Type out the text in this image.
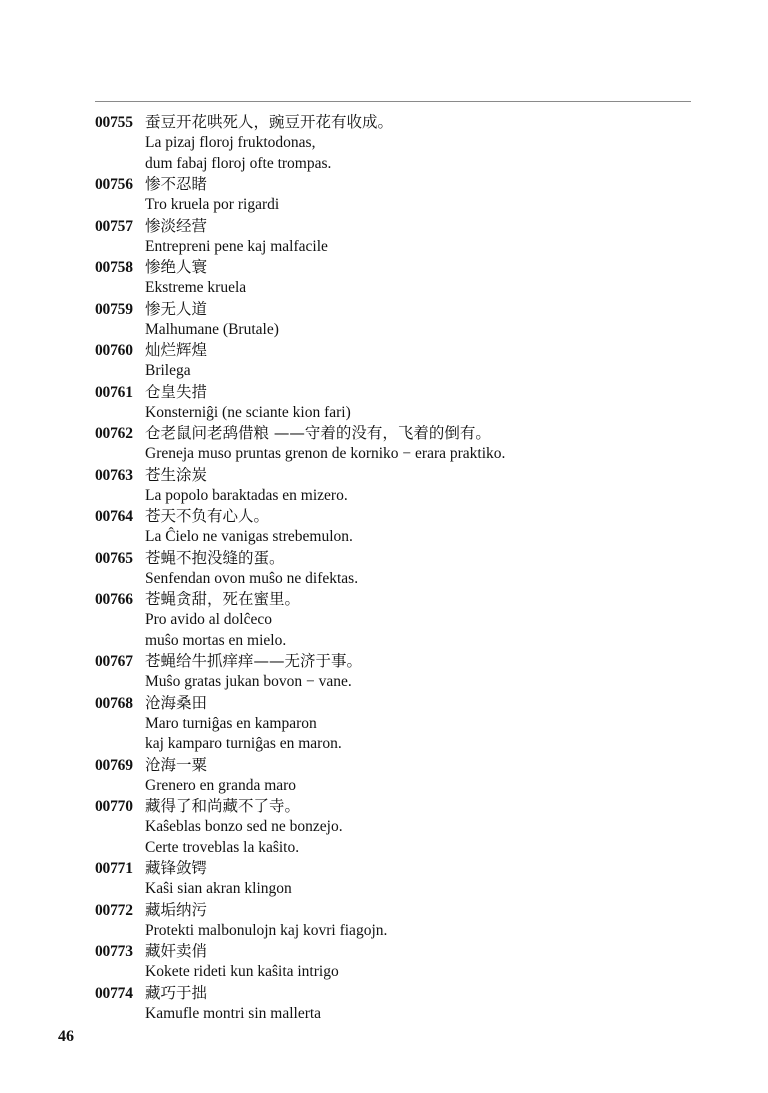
00755 蚕豆开花哄死人，豌豆开花有收成。
La pizaj floroj fruktodonas,
dum fabaj floroj ofte trompas.
00756 惨不忍睹
Tro kruela por rigardi
00757 惨淡经营
Entrepreni pene kaj malfacile
00758 惨绝人寰
Ekstreme kruela
00759 惨无人道
Malhumane (Brutale)
00760 灿烂辉煌
Brilega
00761 仓皇失措
Konsterniĝi (ne sciante kion fari)
00762 仓老鼠问老鸹借粮 ——守着的没有，飞着的倒有。
Greneja muso pruntas grenon de korniko − erara praktiko.
00763 苍生涂炭
La popolo baraktadas en mizero.
00764 苍天不负有心人。
La Ĉielo ne vanigas strebemulon.
00765 苍蝇不抱没缝的蛋。
Senfendan ovon muŝo ne difektas.
00766 苍蝇贪甜，死在蜜里。
Pro avido al dolĉeco
muŝo mortas en mielo.
00767 苍蝇给牛抓痒痒——无济于事。
Muŝo gratas jukan bovon − vane.
00768 沧海桑田
Maro turniĝas en kamparon
kaj kamparo turniĝas en maron.
00769 沧海一粟
Grenero en granda maro
00770 藏得了和尚藏不了寺。
Kaŝeblas bonzo sed ne bonzejo.
Certe troveblas la kaŝito.
00771 藏锋敛锷
Kaŝi sian akran klingon
00772 藏垢纳污
Protekti malbonulojn kaj kovri fiagojn.
00773 藏奸卖俏
Kokete rideti kun kaŝita intrigo
00774 藏巧于拙
Kamufle montri sin mallerta
46
